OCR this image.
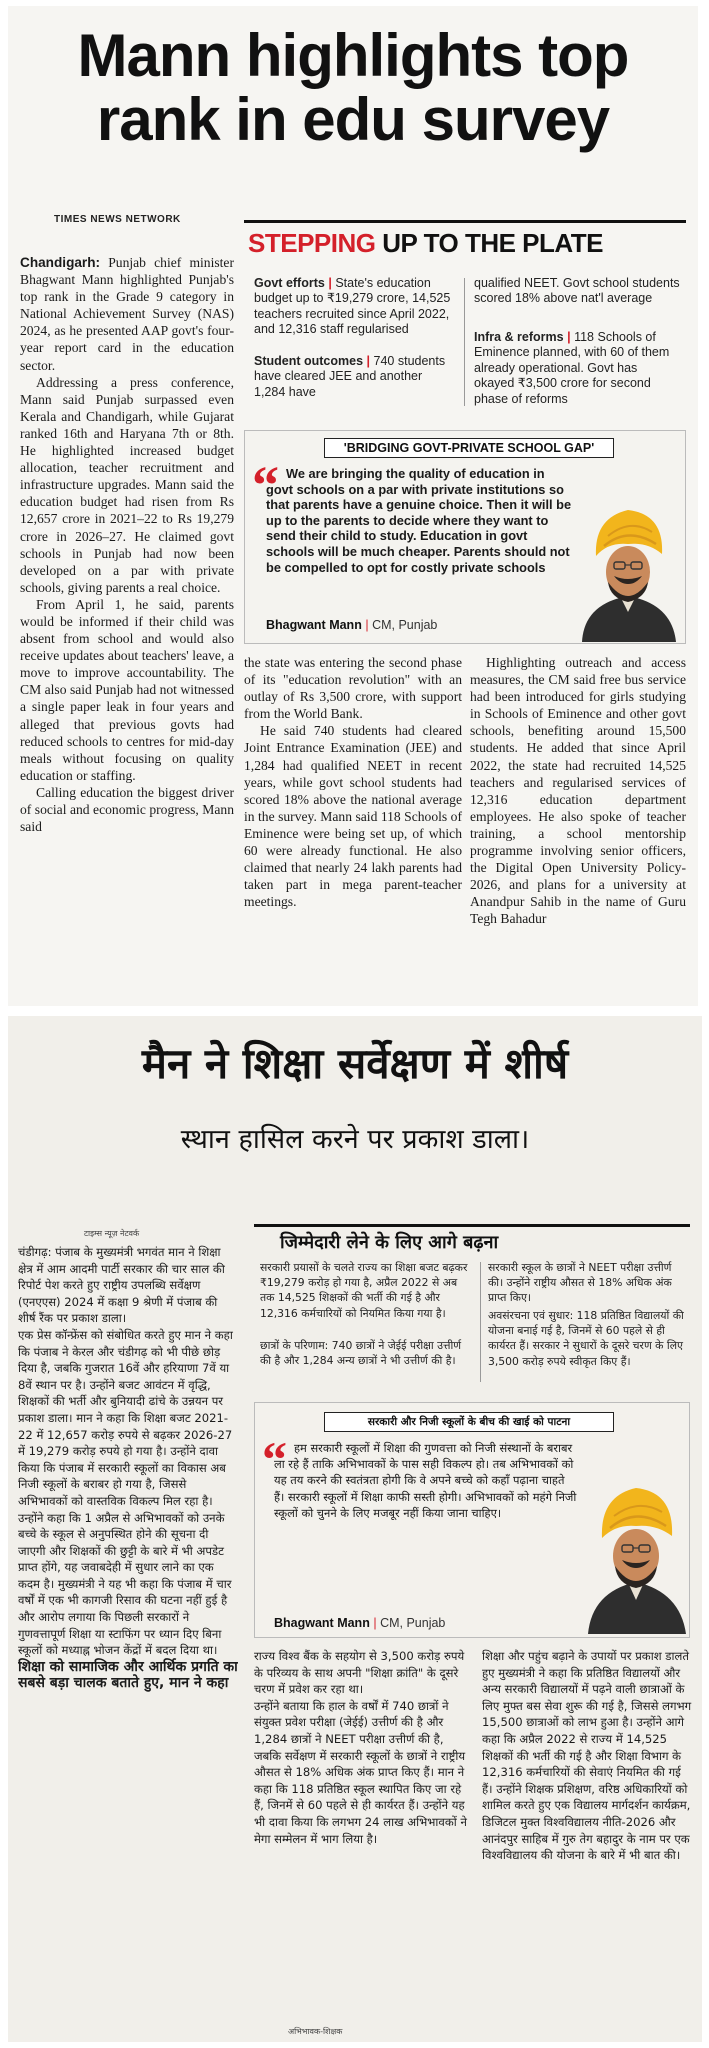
Mann highlights top rank in edu survey
TIMES NEWS NETWORK

Chandigarh: Punjab chief minister Bhagwant Mann highlighted Punjab's top rank in the Grade 9 category in National Achievement Survey (NAS) 2024, as he presented AAP govt's four-year report card in the education sector.

Addressing a press conference, Mann said Punjab surpassed even Kerala and Chandigarh, while Gujarat ranked 16th and Haryana 7th or 8th. He highlighted increased budget allocation, teacher recruitment and infrastructure upgrades. Mann said the education budget had risen from Rs 12,657 crore in 2021–22 to Rs 19,279 crore in 2026–27. He claimed govt schools in Punjab had now been developed on a par with private schools, giving parents a real choice.

From April 1, he said, parents would be informed if their child was absent from school and would also receive updates about teachers' leave, a move to improve accountability. The CM also said Punjab had not witnessed a single paper leak in four years and alleged that previous govts had reduced schools to centres for mid-day meals without focusing on quality education or staffing.

Calling education the biggest driver of social and economic progress, Mann said

STEPPING UP TO THE PLATE
Govt efforts | State's education budget up to ₹19,279 crore, 14,525 teachers recruited since April 2022, and 12,316 staff regularised
Student outcomes | 740 students have cleared JEE and another 1,284 have
qualified NEET. Govt school students scored 18% above nat'l average
Infra & reforms | 118 Schools of Eminence planned, with 60 of them already operational. Govt has okayed ₹3,500 crore for second phase of reforms
'BRIDGING GOVT-PRIVATE SCHOOL GAP'
“ We are bringing the quality of education in govt schools on a par with private institutions so that parents have a genuine choice. Then it will be up to the parents to decide where they want to send their child to study. Education in govt schools will be much cheaper. Parents should not be compelled to opt for costly private schools
Bhagwant Mann | CM, Punjab

the state was entering the second phase of its "education revolution" with an outlay of Rs 3,500 crore, with support from the World Bank.

He said 740 students had cleared Joint Entrance Examination (JEE) and 1,284 had qualified NEET in recent years, while govt school students had scored 18% above the national average in the survey. Mann said 118 Schools of Eminence were being set up, of which 60 were already functional. He also claimed that nearly 24 lakh parents had taken part in mega parent-teacher meetings.

Highlighting outreach and access measures, the CM said free bus service had been introduced for girls studying in Schools of Eminence and other govt schools, benefiting around 15,500 students. He added that since April 2022, the state had recruited 14,525 teachers and regularised services of 12,316 education department employees. He also spoke of teacher training, a school mentorship programme involving senior officers, the Digital Open University Policy-2026, and plans for a university at Anandpur Sahib in the name of Guru Tegh Bahadur

मैन ने शिक्षा सर्वेक्षण में शीर्ष
स्थान हासिल करने पर प्रकाश डाला।
टाइम्स न्यूज़ नेटवर्क

चंडीगढ़: पंजाब के मुख्यमंत्री भगवंत मान ने शिक्षा क्षेत्र में आम आदमी पार्टी सरकार की चार साल की रिपोर्ट पेश करते हुए राष्ट्रीय उपलब्धि सर्वेक्षण (एनएएस) 2024 में कक्षा 9 श्रेणी में पंजाब की शीर्ष रैंक पर प्रकाश डाला।

एक प्रेस कॉन्फ्रेंस को संबोधित करते हुए मान ने कहा कि पंजाब ने केरल और चंडीगढ़ को भी पीछे छोड़ दिया है, जबकि गुजरात 16वें और हरियाणा 7वें या 8वें स्थान पर है। उन्होंने बजट आवंटन में वृद्धि, शिक्षकों की भर्ती और बुनियादी ढांचे के उन्नयन पर प्रकाश डाला। मान ने कहा कि शिक्षा बजट 2021-22 में 12,657 करोड़ रुपये से बढ़कर 2026-27 में 19,279 करोड़ रुपये हो गया है। उन्होंने दावा किया कि पंजाब में सरकारी स्कूलों का विकास अब निजी स्कूलों के बराबर हो गया है, जिससे अभिभावकों को वास्तविक विकल्प मिल रहा है।

उन्होंने कहा कि 1 अप्रैल से अभिभावकों को उनके बच्चे के स्कूल से अनुपस्थित होने की सूचना दी जाएगी और शिक्षकों की छुट्टी के बारे में भी अपडेट प्राप्त होंगे, यह जवाबदेही में सुधार लाने का एक कदम है। मुख्यमंत्री ने यह भी कहा कि पंजाब में चार वर्षों में एक भी कागजी रिसाव की घटना नहीं हुई है और आरोप लगाया कि पिछली सरकारों ने गुणवत्तापूर्ण शिक्षा या स्टाफिंग पर ध्यान दिए बिना स्कूलों को मध्याह्न भोजन केंद्रों में बदल दिया था।

शिक्षा को सामाजिक और आर्थिक प्रगति का सबसे बड़ा चालक बताते हुए, मान ने कहा

जिम्मेदारी लेने के लिए आगे बढ़ना
सरकारी प्रयासों के चलते राज्य का शिक्षा बजट बढ़कर ₹19,279 करोड़ हो गया है, अप्रैल 2022 से अब तक 14,525 शिक्षकों की भर्ती की गई है और 12,316 कर्मचारियों को नियमित किया गया है।
छात्रों के परिणाम: 740 छात्रों ने जेईई परीक्षा उत्तीर्ण की है और 1,284 अन्य छात्रों ने भी उत्तीर्ण की है।
सरकारी स्कूल के छात्रों ने NEET परीक्षा उत्तीर्ण की। उन्होंने राष्ट्रीय औसत से 18% अधिक अंक प्राप्त किए।
अवसंरचना एवं सुधार: 118 प्रतिष्ठित विद्यालयों की योजना बनाई गई है, जिनमें से 60 पहले से ही कार्यरत हैं। सरकार ने सुधारों के दूसरे चरण के लिए 3,500 करोड़ रुपये स्वीकृत किए हैं।
सरकारी और निजी स्कूलों के बीच की खाई को पाटना
“ हम सरकारी स्कूलों में शिक्षा की गुणवत्ता को निजी संस्थानों के बराबर ला रहे हैं ताकि अभिभावकों के पास सही विकल्प हो। तब अभिभावकों को यह तय करने की स्वतंत्रता होगी कि वे अपने बच्चे को कहाँ पढ़ाना चाहते हैं। सरकारी स्कूलों में शिक्षा काफी सस्ती होगी। अभिभावकों को महंगे निजी स्कूलों को चुनने के लिए मजबूर नहीं किया जाना चाहिए।
Bhagwant Mann | CM, Punjab

राज्य विश्व बैंक के सहयोग से 3,500 करोड़ रुपये के परिव्यय के साथ अपनी "शिक्षा क्रांति" के दूसरे चरण में प्रवेश कर रहा था।

उन्होंने बताया कि हाल के वर्षों में 740 छात्रों ने संयुक्त प्रवेश परीक्षा (जेईई) उत्तीर्ण की है और 1,284 छात्रों ने NEET परीक्षा उत्तीर्ण की है, जबकि सर्वेक्षण में सरकारी स्कूलों के छात्रों ने राष्ट्रीय औसत से 18% अधिक अंक प्राप्त किए हैं। मान ने कहा कि 118 प्रतिष्ठित स्कूल स्थापित किए जा रहे हैं, जिनमें से 60 पहले से ही कार्यरत हैं। उन्होंने यह भी दावा किया कि लगभग 24 लाख अभिभावकों ने मेगा सम्मेलन में भाग लिया है।

अभिभावक-शिक्षक

शिक्षा और पहुंच बढ़ाने के उपायों पर प्रकाश डालते हुए मुख्यमंत्री ने कहा कि प्रतिष्ठित विद्यालयों और अन्य सरकारी विद्यालयों में पढ़ने वाली छात्राओं के लिए मुफ्त बस सेवा शुरू की गई है, जिससे लगभग 15,500 छात्राओं को लाभ हुआ है। उन्होंने आगे कहा कि अप्रैल 2022 से राज्य में 14,525 शिक्षकों की भर्ती की गई है और शिक्षा विभाग के 12,316 कर्मचारियों की सेवाएं नियमित की गई हैं। उन्होंने शिक्षक प्रशिक्षण, वरिष्ठ अधिकारियों को शामिल करते हुए एक विद्यालय मार्गदर्शन कार्यक्रम, डिजिटल मुक्त विश्वविद्यालय नीति-2026 और आनंदपुर साहिब में गुरु तेग बहादुर के नाम पर एक विश्वविद्यालय की योजना के बारे में भी बात की।
